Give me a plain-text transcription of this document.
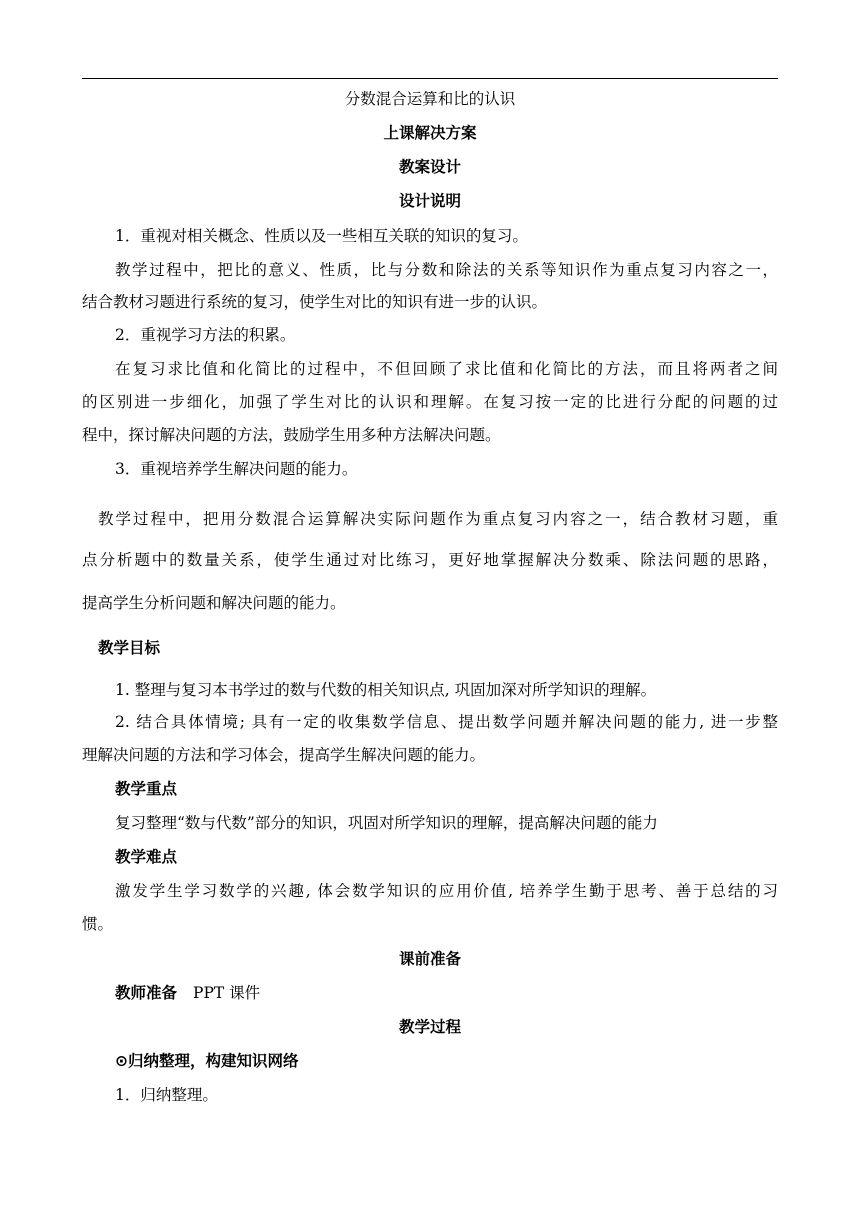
分数混合运算和比的认识
上课解决方案
教案设计
设计说明
1．重视对相关概念、性质以及一些相互关联的知识的复习。
教学过程中，把比的意义、性质，比与分数和除法的关系等知识作为重点复习内容之一，
结合教材习题进行系统的复习，使学生对比的知识有进一步的认识。
2．重视学习方法的积累。
在复习求比值和化简比的过程中，不但回顾了求比值和化简比的方法，而且将两者之间
的区别进一步细化，加强了学生对比的认识和理解。在复习按一定的比进行分配的问题的过
程中，探讨解决问题的方法，鼓励学生用多种方法解决问题。
3．重视培养学生解决问题的能力。
教学过程中，把用分数混合运算解决实际问题作为重点复习内容之一，结合教材习题，重
点分析题中的数量关系，使学生通过对比练习，更好地掌握解决分数乘、除法问题的思路，
提高学生分析问题和解决问题的能力。
教学目标
1. 整理与复习本书学过的数与代数的相关知识点, 巩固加深对所学知识的理解。
2. 结合具体情境; 具有一定的收集数学信息、提出数学问题并解决问题的能力, 进一步整
理解决问题的方法和学习体会，提高学生解决问题的能力。
教学重点
复习整理“数与代数”部分的知识，巩固对所学知识的理解，提高解决问题的能力
教学难点
激发学生学习数学的兴趣, 体会数学知识的应用价值, 培养学生勤于思考、善于总结的习
惯。
课前准备
教师准备 PPT 课件
教学过程
⊙归纳整理，构建知识网络
1．归纳整理。
